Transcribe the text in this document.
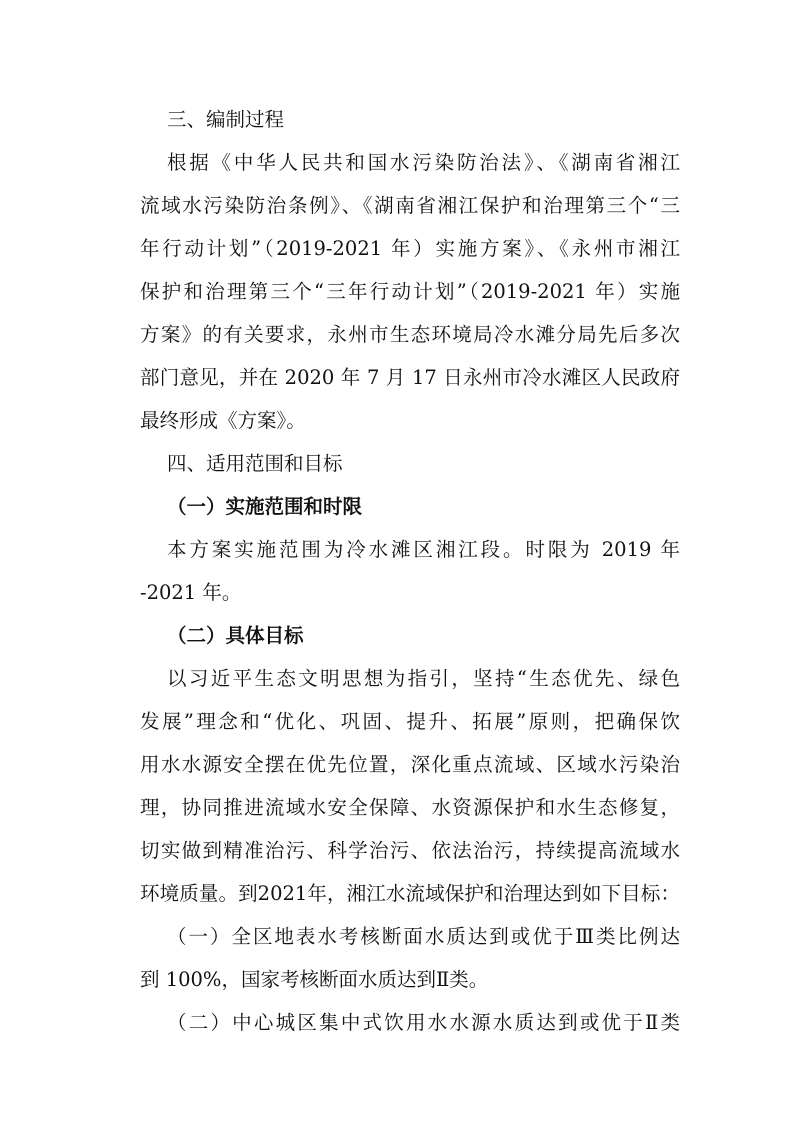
三、编制过程

根据《中华人民共和国水污染防治法》、《湖南省湘江

流域水污染防治条例》、《湖南省湘江保护和治理第三个“三

年行动计划”（2019-2021 年）实施方案》、《永州市湘江

保护和治理第三个“三年行动计划”（2019-2021 年）实施

方案》的有关要求，永州市生态环境局冷水滩分局先后多次

部门意见，并在 2020 年 7 月 17 日永州市冷水滩区人民政府

最终形成《方案》。

四、适用范围和目标

（一）实施范围和时限

本方案实施范围为冷水滩区湘江段。时限为 2019 年

-2021 年。

（二）具体目标

以习近平生态文明思想为指引，坚持“生态优先、绿色

发展”理念和“优化、巩固、提升、拓展”原则，把确保饮

用水水源安全摆在优先位置，深化重点流域、区域水污染治

理，协同推进流域水安全保障、水资源保护和水生态修复，

切实做到精准治污、科学治污、依法治污，持续提高流域水

环境质量。到2021年，湘江水流域保护和治理达到如下目标：

（一）全区地表水考核断面水质达到或优于Ⅲ类比例达

到 100%，国家考核断面水质达到Ⅱ类。

（二）中心城区集中式饮用水水源水质达到或优于Ⅱ类
